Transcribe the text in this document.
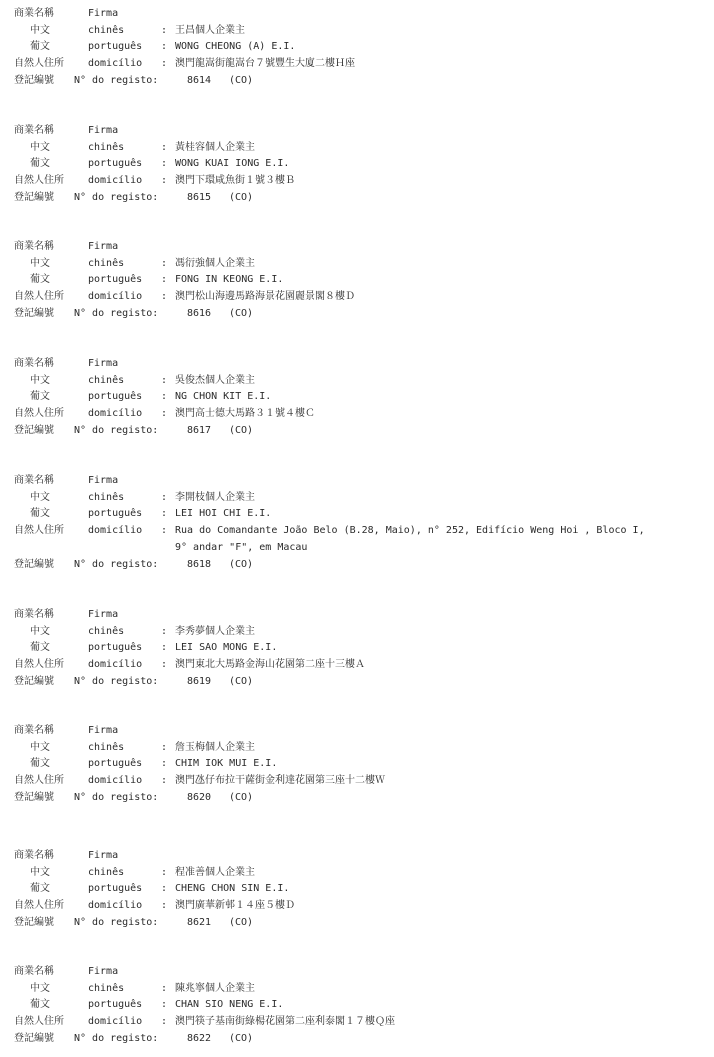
商業名稱	Firma
中文	chinês	: 王昌個人企業主
葡文	português : WONG CHEONG (A) E.I.
自然人住所 domicílio : 澳門龍嵩街龍嵩台７號豐生大廈二樓Ｈ座
登記編號 N° do registo:	8614 (CO)
商業名稱	Firma
中文	chinês	: 黃桂容個人企業主
葡文	português : WONG KUAI IONG E.I.
自然人住所 domicílio : 澳門下環咸魚街１號３樓Ｂ
登記編號 N° do registo:	8615 (CO)
商業名稱	Firma
中文	chinês	: 馮衍強個人企業主
葡文	português : FONG IN KEONG E.I.
自然人住所 domicílio : 澳門松山海邊馬路海景花園麗景閣８樓Ｄ
登記編號 N° do registo:	8616 (CO)
商業名稱	Firma
中文	chinês	: 吳俊杰個人企業主
葡文	português : NG CHON KIT E.I.
自然人住所 domicílio : 澳門高士德大馬路３１號４樓Ｃ
登記編號 N° do registo:	8617 (CO)
商業名稱	Firma
中文	chinês	: 李開枝個人企業主
葡文	português : LEI HOI CHI E.I.
自然人住所 domicílio : Rua do Comandante João Belo (B.28, Maio), n° 252, Edifício Weng Hoi , Bloco I,
9° andar "F", em Macau
登記編號 N° do registo:	8618 (CO)
商業名稱	Firma
中文	chinês	: 李秀夢個人企業主
葡文	português : LEI SAO MONG E.I.
自然人住所 domicílio : 澳門東北大馬路金海山花園第二座十三樓Ａ
登記編號 N° do registo:	8619 (CO)
商業名稱	Firma
中文	chinês	: 詹玉梅個人企業主
葡文	português : CHIM IOK MUI E.I.
自然人住所 domicílio : 澳門氹仔布拉干薩街金利達花園第三座十二樓Ｗ
登記編號 N° do registo:	8620 (CO)
商業名稱	Firma
中文	chinês	: 程准善個人企業主
葡文	português : CHENG CHON SIN E.I.
自然人住所 domicílio : 澳門廣華新邨１４座５樓Ｄ
登記編號 N° do registo:	8621 (CO)
商業名稱	Firma
中文	chinês	: 陳兆寧個人企業主
葡文	português : CHAN SIO NENG E.I.
自然人住所 domicílio : 澳門筷子基南街綠楊花園第二座利泰閣１７樓Ｑ座
登記編號 N° do registo:	8622 (CO)
